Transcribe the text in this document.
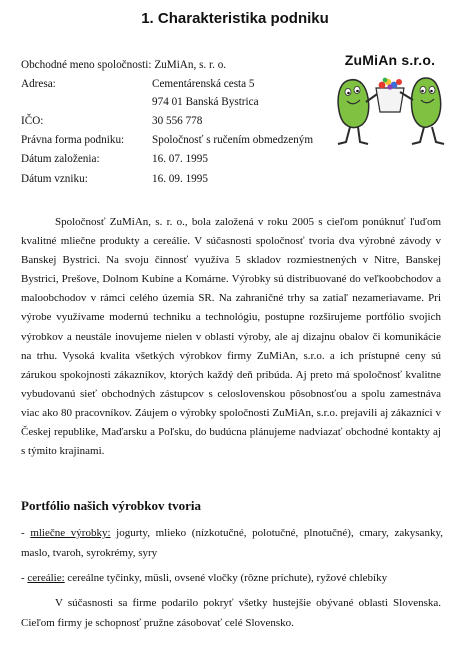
1. Charakteristika podniku
Obchodné meno spoločnosti: ZuMiAn, s. r. o.
Adresa:	Cementárenská cesta 5
974 01 Banská Bystrica
IČO:	30 556 778
Právna forma podniku: Spoločnosť s ručením obmedzeným
Dátum založenia:	16. 07. 1995
Dátum vzniku:	16. 09. 1995
ZuMiAn s.r.o.
Spoločnosť ZuMiAn, s. r. o., bola založená v roku 2005 s cieľom ponúknuť ľuďom kvalitné mliečne produkty a cereálie. V súčasnosti spoločnosť tvoria dva výrobné závody v Banskej Bystrici. Na svoju činnosť využíva 5 skladov rozmiestnených v Nitre, Banskej Bystrici, Prešove, Dolnom Kubíne a Komárne. Výrobky sú distribuované do veľkoobchodov a maloobchodov v rámci celého územia SR. Na zahraničné trhy sa zatiaľ nezameriavame. Pri výrobe využívame modernú techniku a technológiu, postupne rozširujeme portfólio svojich výrobkov a neustále inovujeme nielen v oblasti výroby, ale aj dizajnu obalov či komunikácie na trhu. Vysoká kvalita všetkých výrobkov firmy ZuMiAn, s.r.o. a ich prístupné ceny sú zárukou spokojnosti zákazníkov, ktorých každý deň pribúda. Aj preto má spoločnosť kvalitne vybudovanú sieť obchodných zástupcov s celoslovenskou pôsobnosťou a spolu zamestnáva viac ako 80 pracovníkov. Záujem o výrobky spoločnosti ZuMiAn, s.r.o. prejavili aj zákazníci v Českej republike, Maďarsku a Poľsku, do budúcna plánujeme nadviazať obchodné kontakty aj s týmito krajinami.
Portfólio našich výrobkov tvoria
- mliečne výrobky: jogurty, mlieko (nízkotučné, polotučné, plnotučné), cmary, zakysanky, maslo, tvaroh, syrokrémy, syry
- cereálie: cereálne tyčinky, müsli, ovsené vločky (rôzne príchute), ryžové chlebíky
V súčasnosti sa firme podarilo pokryť všetky hustejšie obývané oblasti Slovenska. Cieľom firmy je schopnosť pružne zásobovať celé Slovensko.
